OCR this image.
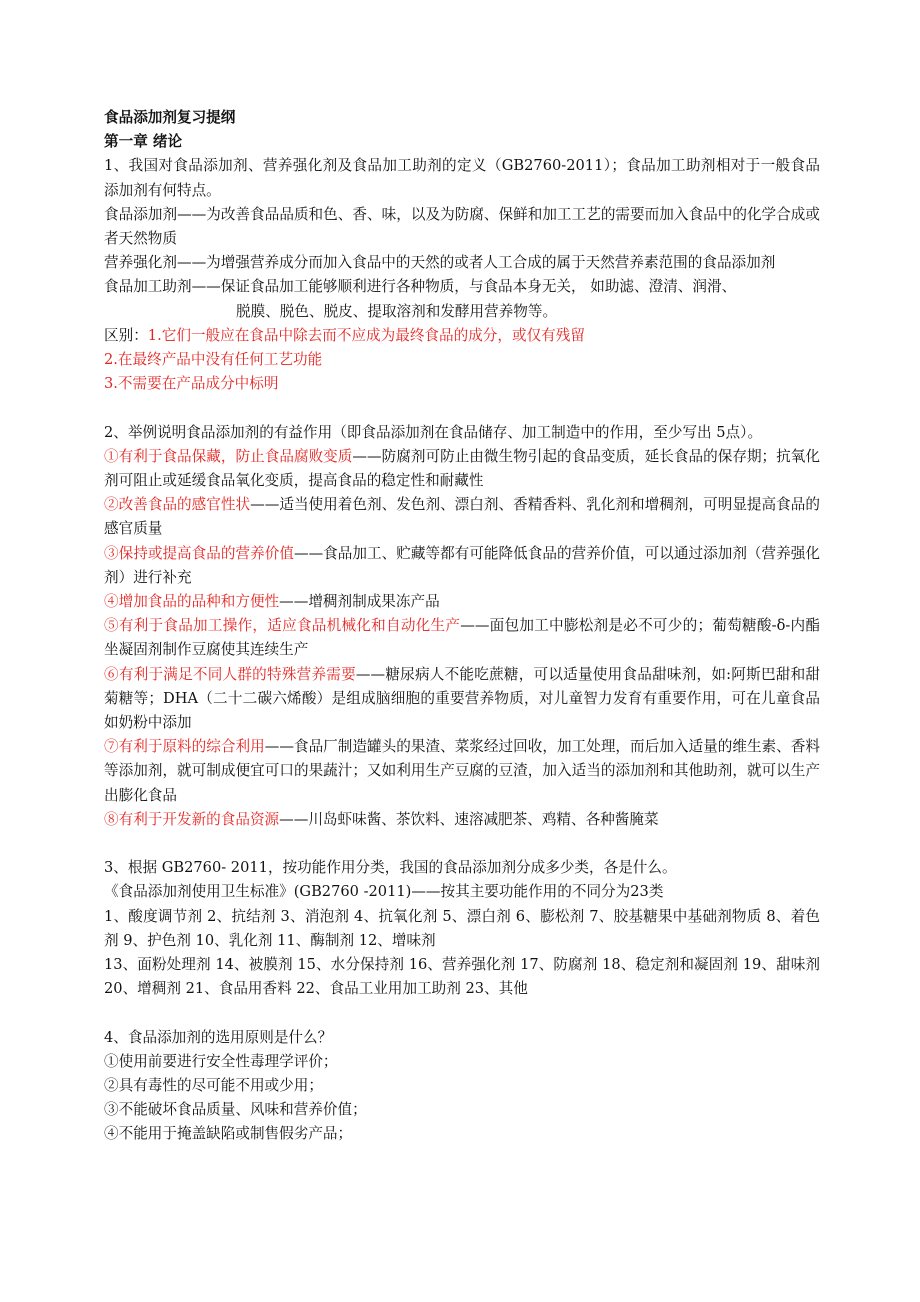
食品添加剂复习提纲

第一章 绪论

1、我国对食品添加剂、营养强化剂及食品加工助剂的定义（GB2760-2011）；食品加工助剂相对于一般食品添加剂有何特点。

食品添加剂——为改善食品品质和色、香、味，以及为防腐、保鲜和加工工艺的需要而加入食品中的化学合成或者天然物质

营养强化剂——为增强营养成分而加入食品中的天然的或者人工合成的属于天然营养素范围的食品添加剂

食品加工助剂——保证食品加工能够顺利进行各种物质，与食品本身无关， 如助滤、澄清、润滑、

脱膜、脱色、脱皮、提取溶剂和发酵用营养物等。

区别：1.它们一般应在食品中除去而不应成为最终食品的成分，或仅有残留

2.在最终产品中没有任何工艺功能

3.不需要在产品成分中标明

2、举例说明食品添加剂的有益作用（即食品添加剂在食品储存、加工制造中的作用，至少写出 5点）。

①有利于食品保藏，防止食品腐败变质——防腐剂可防止由微生物引起的食品变质，延长食品的保存期；抗氧化剂可阻止或延缓食品氧化变质，提高食品的稳定性和耐藏性

②改善食品的感官性状——适当使用着色剂、发色剂、漂白剂、香精香料、乳化剂和增稠剂，可明显提高食品的感官质量

③保持或提高食品的营养价值——食品加工、贮藏等都有可能降低食品的营养价值，可以通过添加剂（营养强化剂）进行补充

④增加食品的品种和方便性——增稠剂制成果冻产品

⑤有利于食品加工操作，适应食品机械化和自动化生产——面包加工中膨松剂是必不可少的；葡萄糖酸-δ-内酯坐凝固剂制作豆腐使其连续生产

⑥有利于满足不同人群的特殊营养需要——糖尿病人不能吃蔗糖，可以适量使用食品甜味剂，如:阿斯巴甜和甜菊糖等；DHA（二十二碳六烯酸）是组成脑细胞的重要营养物质，对儿童智力发育有重要作用，可在儿童食品如奶粉中添加

⑦有利于原料的综合利用——食品厂制造罐头的果渣、菜浆经过回收，加工处理，而后加入适量的维生素、香料等添加剂，就可制成便宜可口的果蔬汁；又如利用生产豆腐的豆渣，加入适当的添加剂和其他助剂，就可以生产出膨化食品

⑧有利于开发新的食品资源——川岛虾味酱、茶饮料、速溶减肥茶、鸡精、各种酱腌菜

3、根据 GB2760- 2011，按功能作用分类，我国的食品添加剂分成多少类，各是什么。

《食品添加剂使用卫生标准》(GB2760 -2011)——按其主要功能作用的不同分为23类

1、酸度调节剂 2、抗结剂 3、消泡剂 4、抗氧化剂 5、漂白剂 6、膨松剂 7、胶基糖果中基础剂物质 8、着色剂 9、护色剂 10、乳化剂 11、酶制剂 12、增味剂

13、面粉处理剂 14、被膜剂 15、水分保持剂 16、营养强化剂 17、防腐剂 18、稳定剂和凝固剂 19、甜味剂 20、增稠剂 21、食品用香料 22、食品工业用加工助剂 23、其他

4、食品添加剂的选用原则是什么？

①使用前要进行安全性毒理学评价；

②具有毒性的尽可能不用或少用；

③不能破坏食品质量、风味和营养价值；

④不能用于掩盖缺陷或制售假劣产品；
